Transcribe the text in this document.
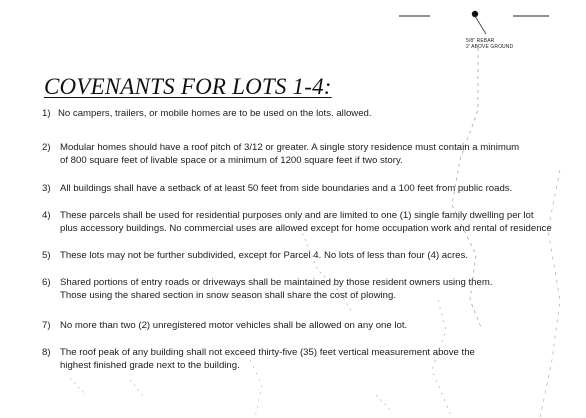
5/8" REBAR
2' ABOVE GROUND
COVENANTS FOR LOTS 1-4:
1) No campers, trailers, or mobile homes are to be used on the lots. allowed.
2) Modular homes should have a roof pitch of 3/12 or greater. A single story residence must contain a minimum
of 800 square feet of livable space or a minimum of 1200 square feet if two story.
3) All buildings shall have a setback of at least 50 feet from side boundaries and a 100 feet from public roads.
4) These parcels shall be used for residential purposes only and are limited to one (1) single family dwelling per lot
plus accessory buildings. No commercial uses are allowed except for home occupation work and rental of residence
5) These lots may not be further subdivided, except for Parcel 4. No lots of less than four (4) acres.
6) Shared portions of entry roads or driveways shall be maintained by those resident owners using them.
Those using the shared section in snow season shall share the cost of plowing.
7) No more than two (2) unregistered motor vehicles shall be allowed on any one lot.
8) The roof peak of any building shall not exceed thirty-five (35) feet vertical measurement above the
highest finished grade next to the building.
